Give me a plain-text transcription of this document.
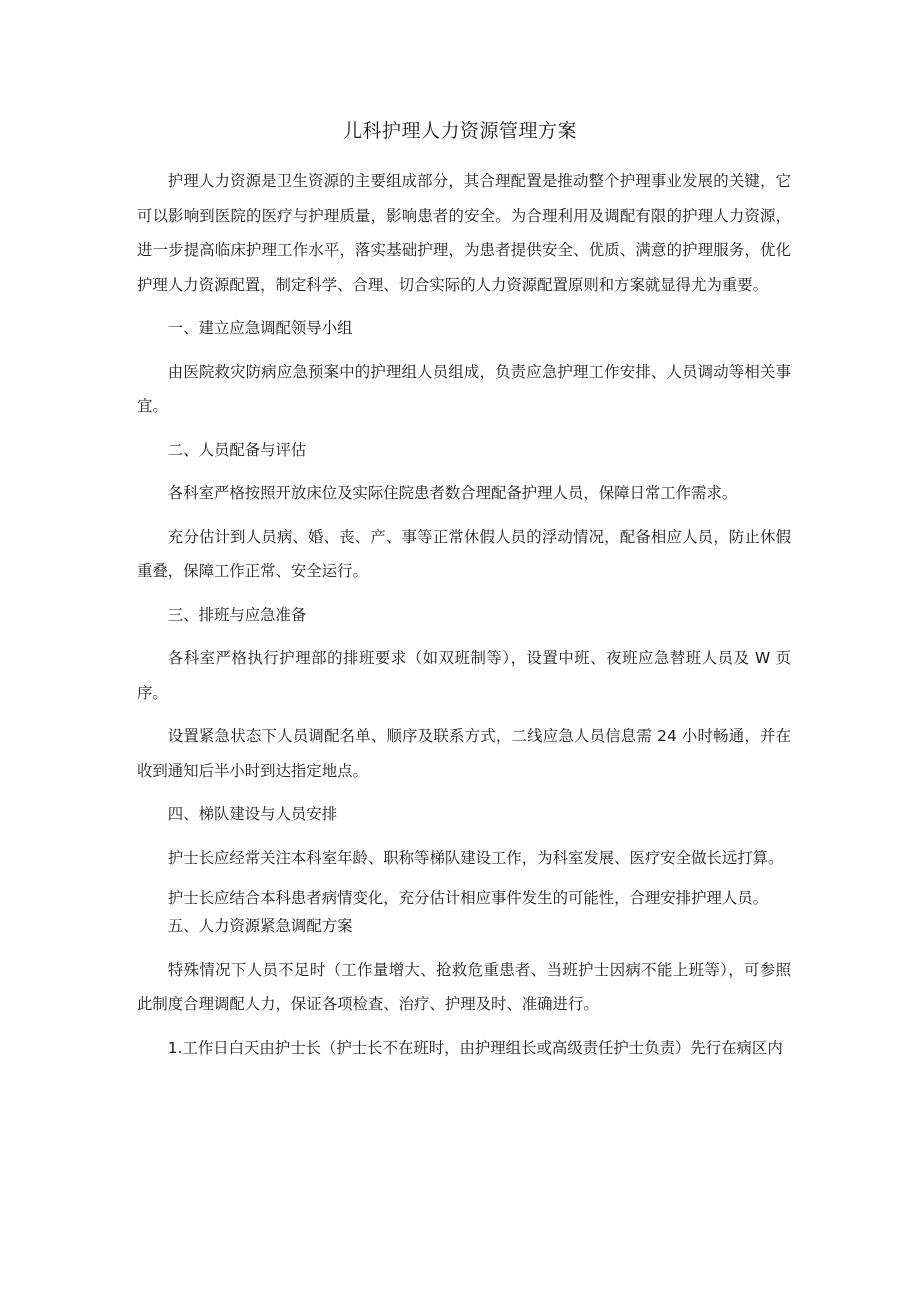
儿科护理人力资源管理方案

护理人力资源是卫生资源的主要组成部分，其合理配置是推动整个护理事业发展的关键，它可以影响到医院的医疗与护理质量，影响患者的安全。为合理利用及调配有限的护理人力资源，进一步提高临床护理工作水平，落实基础护理，为患者提供安全、优质、满意的护理服务，优化护理人力资源配置，制定科学、合理、切合实际的人力资源配置原则和方案就显得尤为重要。

一、建立应急调配领导小组

由医院救灾防病应急预案中的护理组人员组成，负责应急护理工作安排、人员调动等相关事宜。

二、人员配备与评估

各科室严格按照开放床位及实际住院患者数合理配备护理人员，保障日常工作需求。

充分估计到人员病、婚、丧、产、事等正常休假人员的浮动情况，配备相应人员，防止休假重叠，保障工作正常、安全运行。

三、排班与应急准备

各科室严格执行护理部的排班要求（如双班制等），设置中班、夜班应急替班人员及 W 页序。

设置紧急状态下人员调配名单、顺序及联系方式，二线应急人员信息需 24 小时畅通，并在收到通知后半小时到达指定地点。

四、梯队建设与人员安排

护士长应经常关注本科室年龄、职称等梯队建设工作，为科室发展、医疗安全做长远打算。

护士长应结合本科患者病情变化，充分估计相应事件发生的可能性，合理安排护理人员。

五、人力资源紧急调配方案

特殊情况下人员不足时（工作量增大、抢救危重患者、当班护士因病不能上班等），可参照此制度合理调配人力，保证各项检查、治疗、护理及时、准确进行。

1.工作日白天由护士长（护士长不在班时，由护理组长或高级责任护士负责）先行在病区内
